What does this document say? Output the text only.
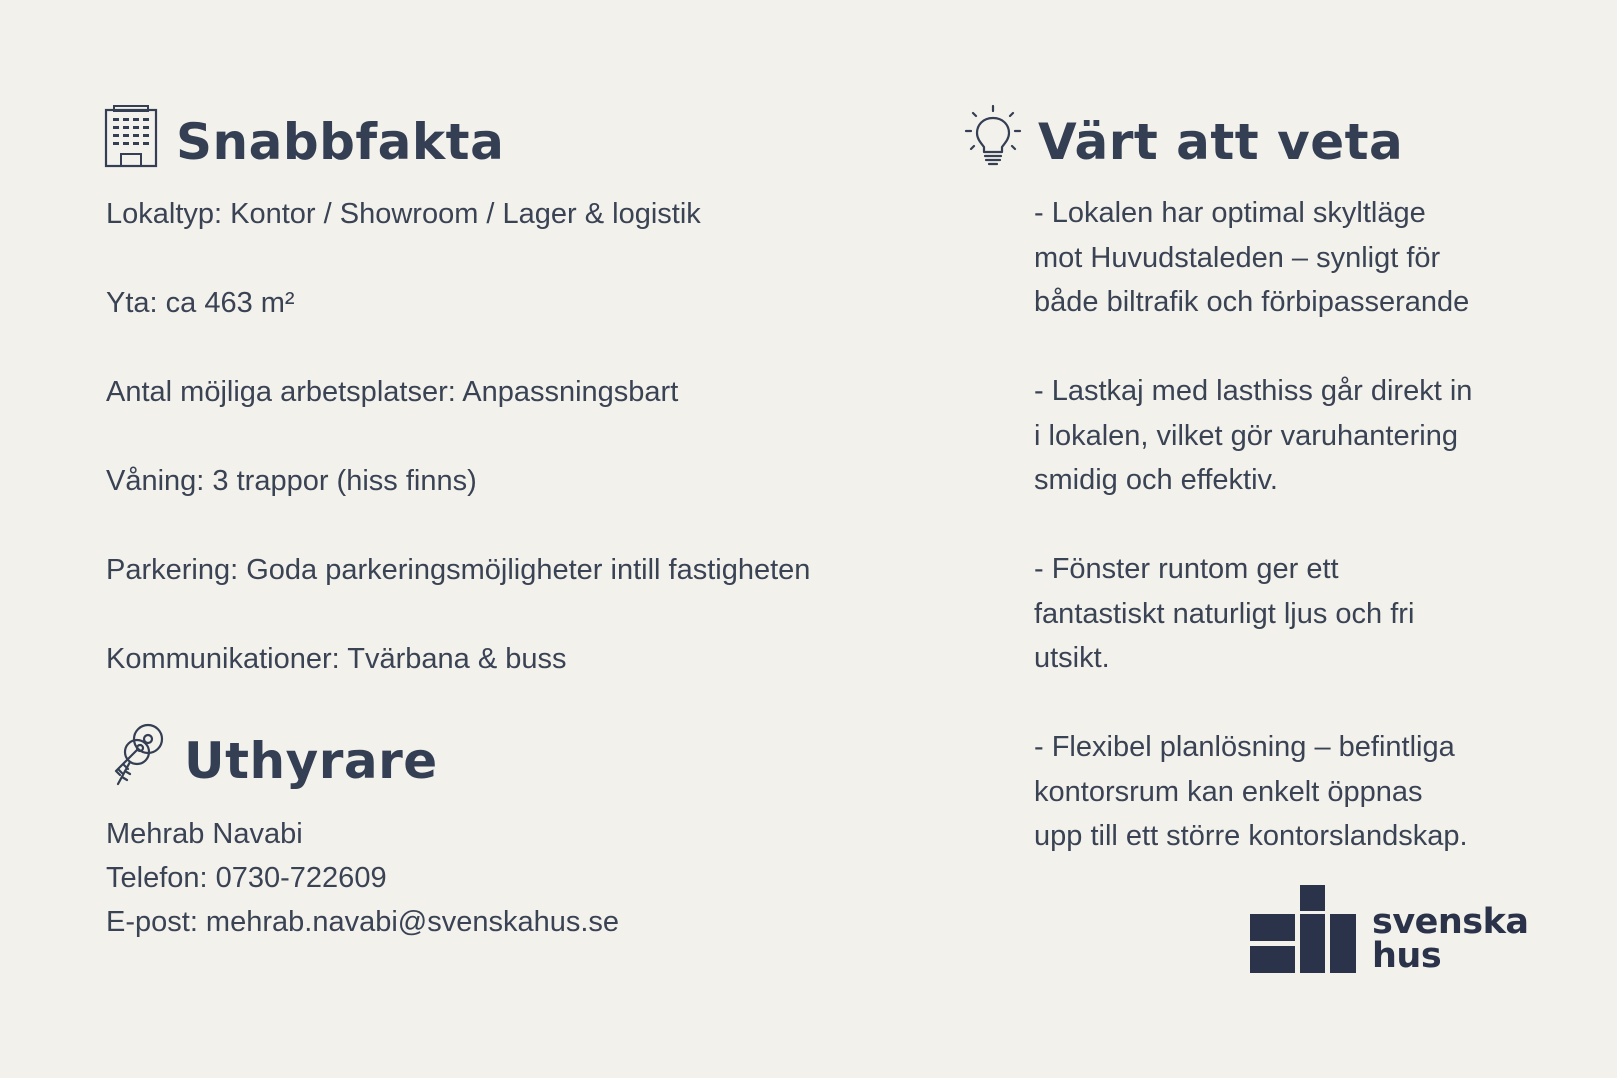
Snabbfakta
Lokaltyp: Kontor / Showroom / Lager & logistik
Yta: ca 463 m²
Antal möjliga arbetsplatser: Anpassningsbart
Våning: 3 trappor (hiss finns)
Parkering: Goda parkeringsmöjligheter intill fastigheten
Kommunikationer: Tvärbana & buss
Uthyrare
Mehrab Navabi
Telefon: 0730-722609
E-post: mehrab.navabi@svenskahus.se
Värt att veta
- Lokalen har optimal skyltläge
mot Huvudstaleden – synligt för
både biltrafik och förbipasserande
- Lastkaj med lasthiss går direkt in
i lokalen, vilket gör varuhantering
smidig och effektiv.
- Fönster runtom ger ett
fantastiskt naturligt ljus och fri
utsikt.
- Flexibel planlösning – befintliga
kontorsrum kan enkelt öppnas
upp till ett större kontorslandskap.
svenska
hus
